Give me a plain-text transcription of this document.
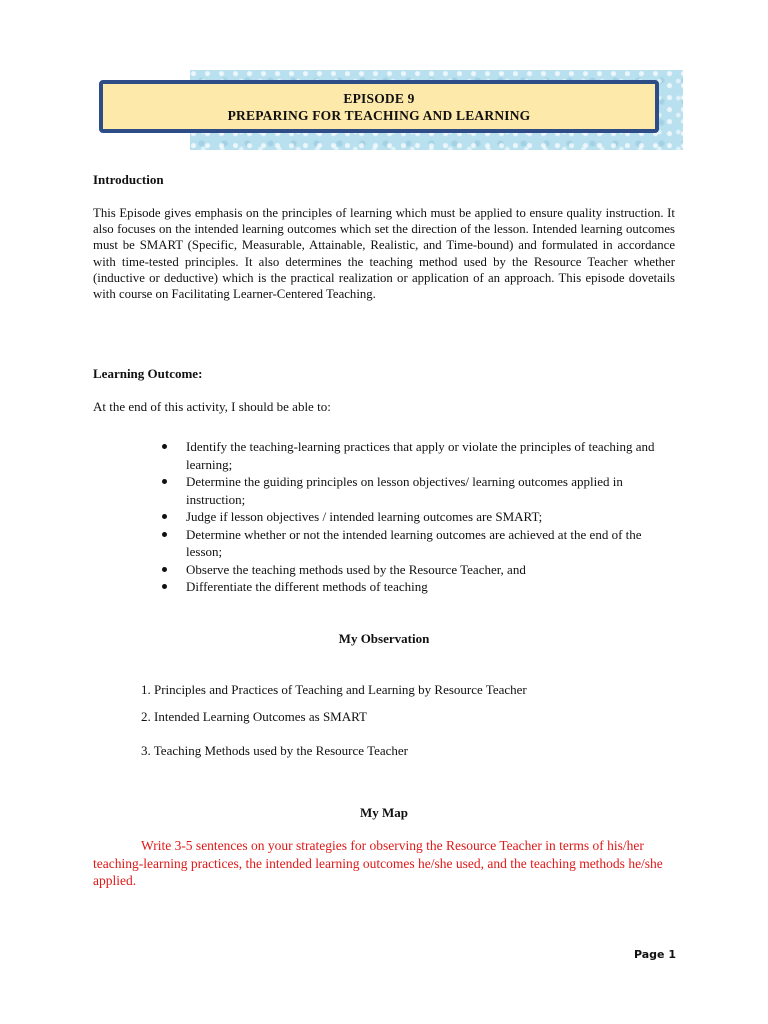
EPISODE 9
PREPARING FOR TEACHING AND LEARNING
Introduction
This Episode gives emphasis on the principles of learning which must be applied to ensure quality instruction. It also focuses on the intended learning outcomes which set the direction of the lesson. Intended learning outcomes must be SMART (Specific, Measurable, Attainable, Realistic, and Time-bound) and formulated in accordance with time-tested principles. It also determines the teaching method used by the Resource Teacher whether (inductive or deductive) which is the practical realization or application of an approach. This episode dovetails with course on Facilitating Learner-Centered Teaching.
Learning Outcome:
At the end of this activity, I should be able to:
Identify the teaching-learning practices that apply or violate the principles of teaching and learning;
Determine the guiding principles on lesson objectives/ learning outcomes applied in instruction;
Judge if lesson objectives / intended learning outcomes are SMART;
Determine whether or not the intended learning outcomes are achieved at the end of the lesson;
Observe the teaching methods used by the Resource Teacher, and
Differentiate the different methods of teaching
My Observation
1. Principles and Practices of Teaching and Learning by Resource Teacher
2. Intended Learning Outcomes as SMART
3. Teaching Methods used by the Resource Teacher
My Map
Write 3-5 sentences on your strategies for observing the Resource Teacher in terms of his/her teaching-learning practices, the intended learning outcomes he/she used, and the teaching methods he/she applied.
Page 1
